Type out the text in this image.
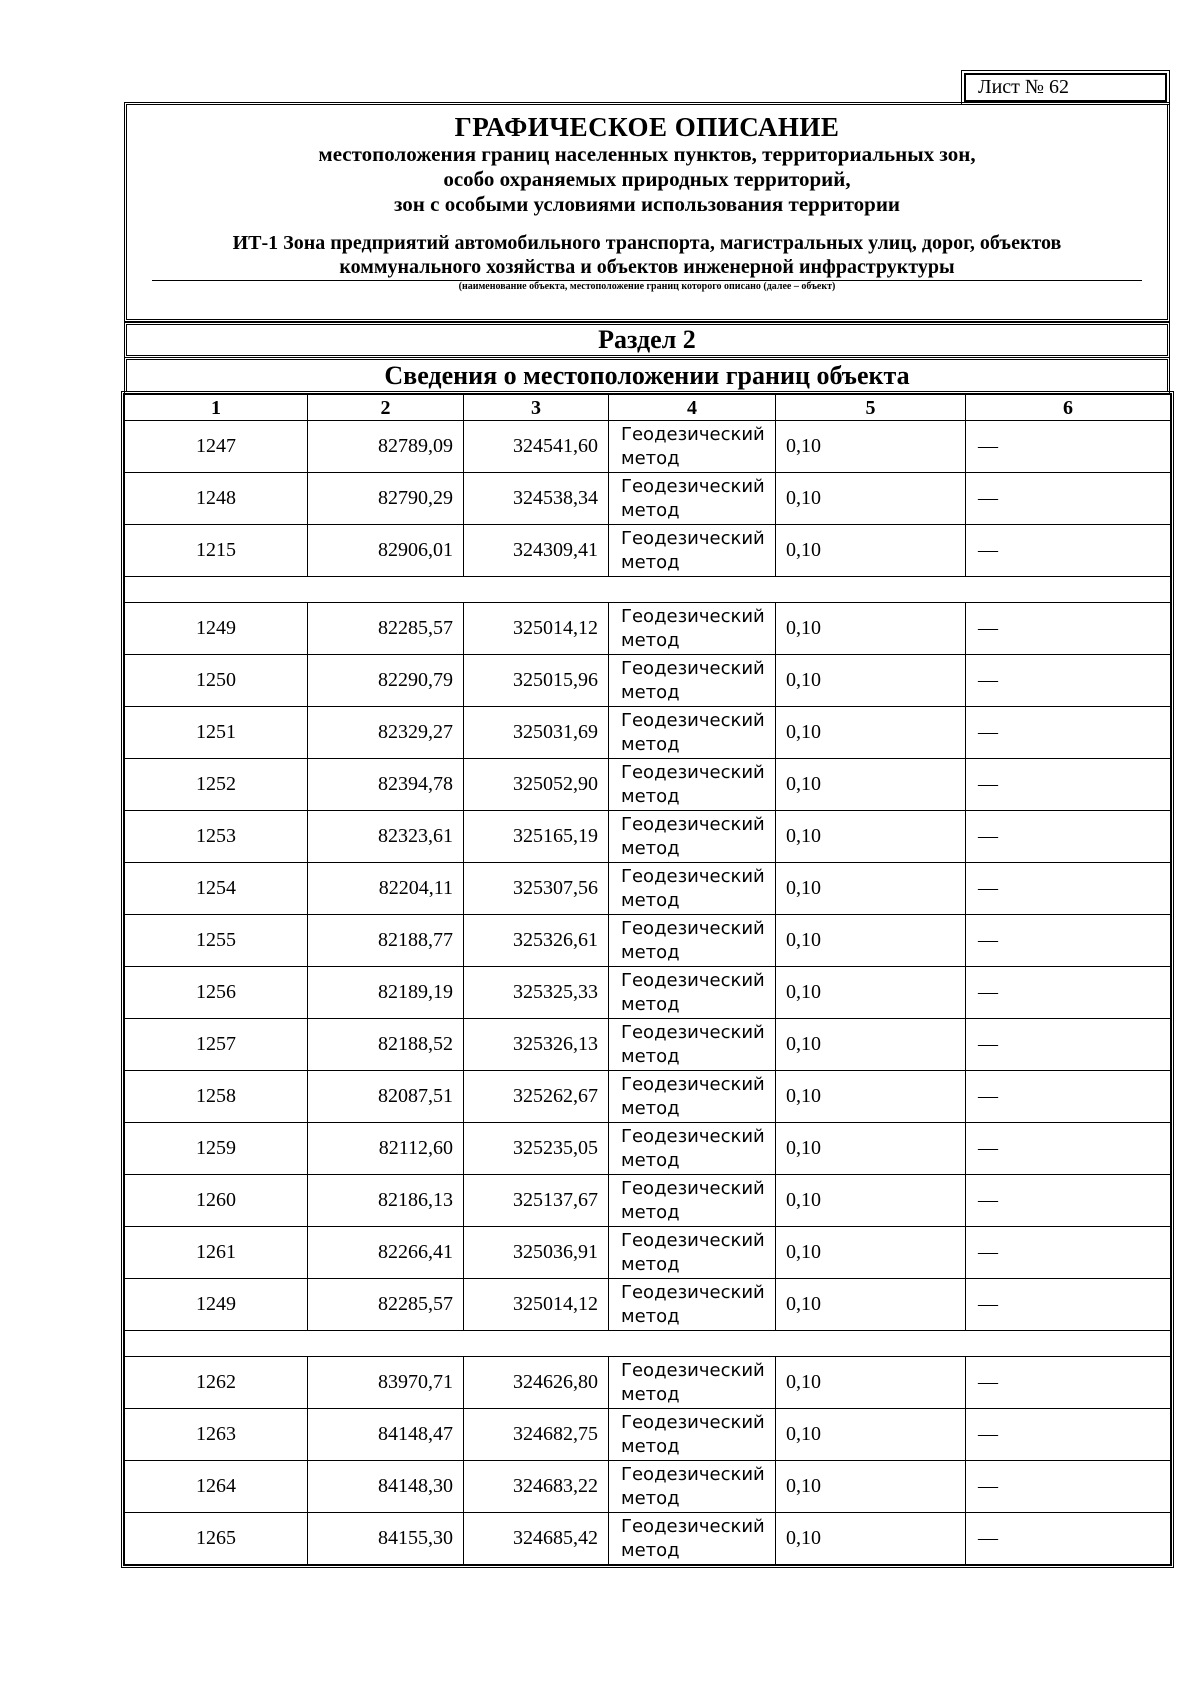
Лист № 62
ГРАФИЧЕСКОЕ ОПИСАНИЕ
местоположения границ населенных пунктов, территориальных зон,
особо охраняемых природных территорий,
зон с особыми условиями использования территории
ИТ-1 Зона предприятий автомобильного транспорта, магистральных улиц, дорог, объектов
коммунального хозяйства и объектов инженерной инфраструктуры
(наименование объекта, местоположение границ которого описано (далее – объект)
Раздел 2
Сведения о местоположении границ объекта
1	2	3	4	5	6
1247	82789,09	324541,60	Геодезический метод	0,10	—
1248	82790,29	324538,34	Геодезический метод	0,10	—
1215	82906,01	324309,41	Геодезический метод	0,10	—

1249	82285,57	325014,12	Геодезический метод	0,10	—
1250	82290,79	325015,96	Геодезический метод	0,10	—
1251	82329,27	325031,69	Геодезический метод	0,10	—
1252	82394,78	325052,90	Геодезический метод	0,10	—
1253	82323,61	325165,19	Геодезический метод	0,10	—
1254	82204,11	325307,56	Геодезический метод	0,10	—
1255	82188,77	325326,61	Геодезический метод	0,10	—
1256	82189,19	325325,33	Геодезический метод	0,10	—
1257	82188,52	325326,13	Геодезический метод	0,10	—
1258	82087,51	325262,67	Геодезический метод	0,10	—
1259	82112,60	325235,05	Геодезический метод	0,10	—
1260	82186,13	325137,67	Геодезический метод	0,10	—
1261	82266,41	325036,91	Геодезический метод	0,10	—
1249	82285,57	325014,12	Геодезический метод	0,10	—

1262	83970,71	324626,80	Геодезический метод	0,10	—
1263	84148,47	324682,75	Геодезический метод	0,10	—
1264	84148,30	324683,22	Геодезический метод	0,10	—
1265	84155,30	324685,42	Геодезический метод	0,10	—
